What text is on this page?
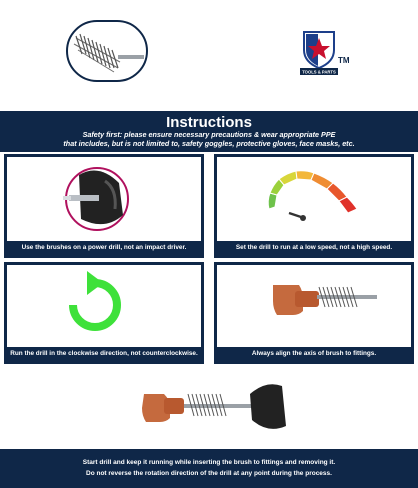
TOOLS & PARTS
TM
Instructions
Safety first: please ensure necessary precautions & wear appropriate PPE
that includes, but is not limited to, safety goggles, protective gloves, face masks, etc.
Use the brushes on a power drill, not an impact driver.	Set the drill to run at a low speed, not a high speed.
Run the drill in the clockwise direction, not counterclockwise.	Always align the axis of brush to fittings.
Start drill and keep it running while inserting the brush to fittings and removing it.
Do not reverse the rotation direction of the drill at any point during the process.
